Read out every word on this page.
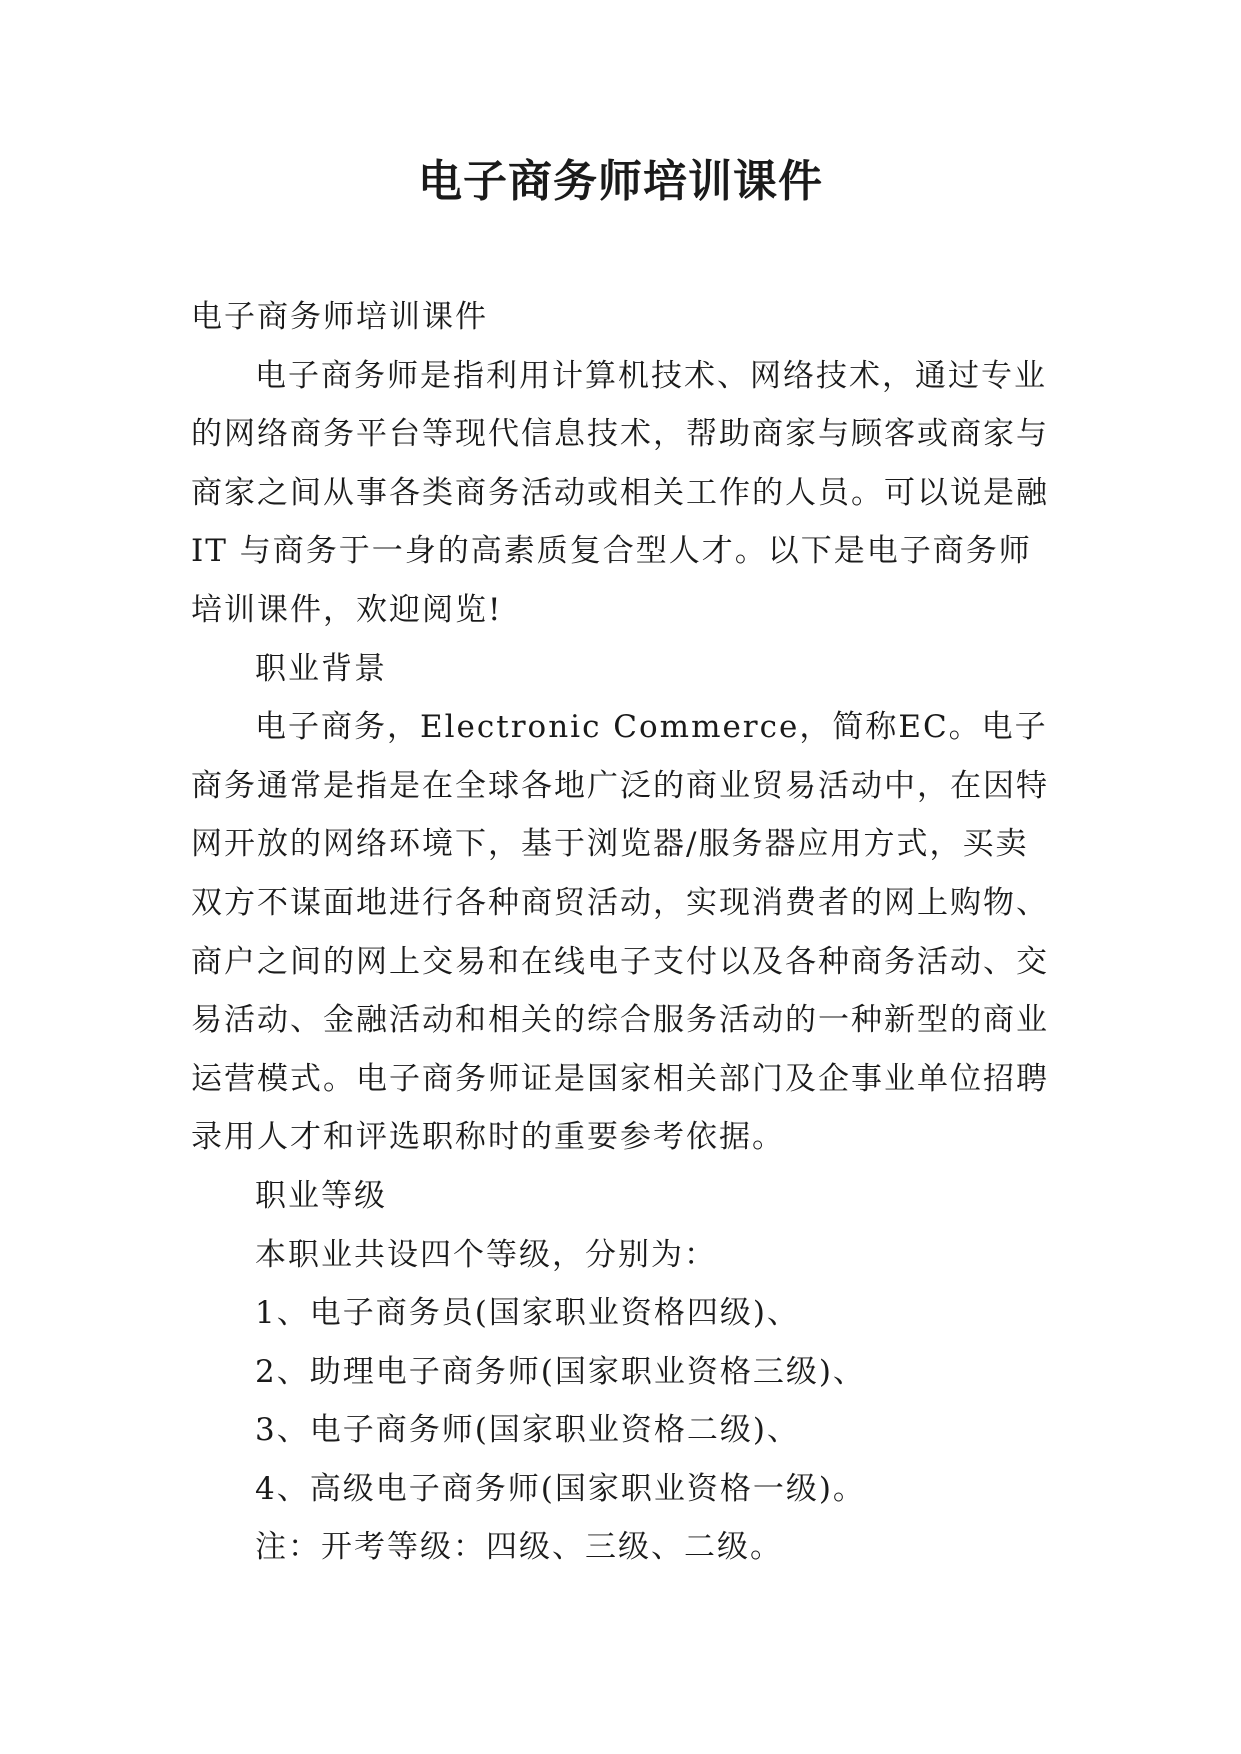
电子商务师培训课件

电子商务师培训课件

电子商务师是指利用计算机技术、网络技术，通过专业的网络商务平台等现代信息技术，帮助商家与顾客或商家与商家之间从事各类商务活动或相关工作的人员。可以说是融IT 与商务于一身的高素质复合型人才。以下是电子商务师培训课件，欢迎阅览!

职业背景

电子商务，Electronic Commerce，简称EC。电子商务通常是指是在全球各地广泛的商业贸易活动中，在因特网开放的网络环境下，基于浏览器/服务器应用方式，买卖双方不谋面地进行各种商贸活动，实现消费者的网上购物、商户之间的网上交易和在线电子支付以及各种商务活动、交易活动、金融活动和相关的综合服务活动的一种新型的商业运营模式。电子商务师证是国家相关部门及企事业单位招聘录用人才和评选职称时的重要参考依据。

职业等级

本职业共设四个等级，分别为：

1、电子商务员(国家职业资格四级)、

2、助理电子商务师(国家职业资格三级)、

3、电子商务师(国家职业资格二级)、

4、高级电子商务师(国家职业资格一级)。

注：开考等级：四级、三级、二级。
